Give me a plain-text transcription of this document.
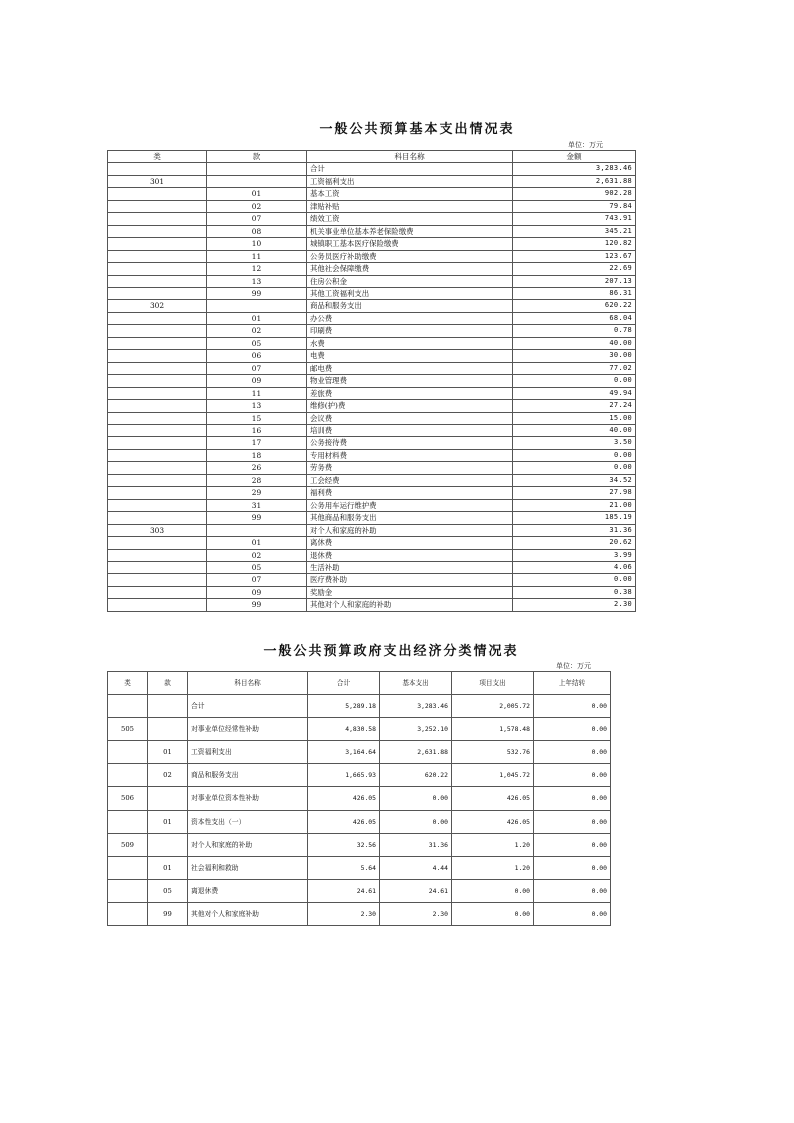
一般公共预算基本支出情况表
单位：万元
类	款	科目名称	金额
		合计	3,283.46
301		工资福利支出	2,631.88
	01	基本工资	902.28
	02	津贴补贴	79.84
	07	绩效工资	743.91
	08	机关事业单位基本养老保险缴费	345.21
	10	城镇职工基本医疗保险缴费	120.82
	11	公务员医疗补助缴费	123.67
	12	其他社会保障缴费	22.69
	13	住房公积金	207.13
	99	其他工资福利支出	86.31
302		商品和服务支出	620.22
	01	办公费	68.04
	02	印刷费	0.78
	05	水费	40.00
	06	电费	30.00
	07	邮电费	77.02
	09	物业管理费	0.00
	11	差旅费	49.94
	13	维修(护)费	27.24
	15	会议费	15.00
	16	培训费	40.00
	17	公务接待费	3.50
	18	专用材料费	0.00
	26	劳务费	0.00
	28	工会经费	34.52
	29	福利费	27.98
	31	公务用车运行维护费	21.00
	99	其他商品和服务支出	185.19
303		对个人和家庭的补助	31.36
	01	离休费	20.62
	02	退休费	3.99
	05	生活补助	4.06
	07	医疗费补助	0.00
	09	奖励金	0.38
	99	其他对个人和家庭的补助	2.30
一般公共预算政府支出经济分类情况表
单位：万元
类	款	科目名称	合计	基本支出	项目支出	上年结转
		合计	5,289.18	3,283.46	2,005.72	0.00
505		对事业单位经常性补助	4,830.58	3,252.10	1,578.48	0.00
	01	工资福利支出	3,164.64	2,631.88	532.76	0.00
	02	商品和服务支出	1,665.93	620.22	1,045.72	0.00
506		对事业单位资本性补助	426.05	0.00	426.05	0.00
	01	资本性支出（一）	426.05	0.00	426.05	0.00
509		对个人和家庭的补助	32.56	31.36	1.20	0.00
	01	社会福利和救助	5.64	4.44	1.20	0.00
	05	离退休费	24.61	24.61	0.00	0.00
	99	其他对个人和家庭补助	2.30	2.30	0.00	0.00
